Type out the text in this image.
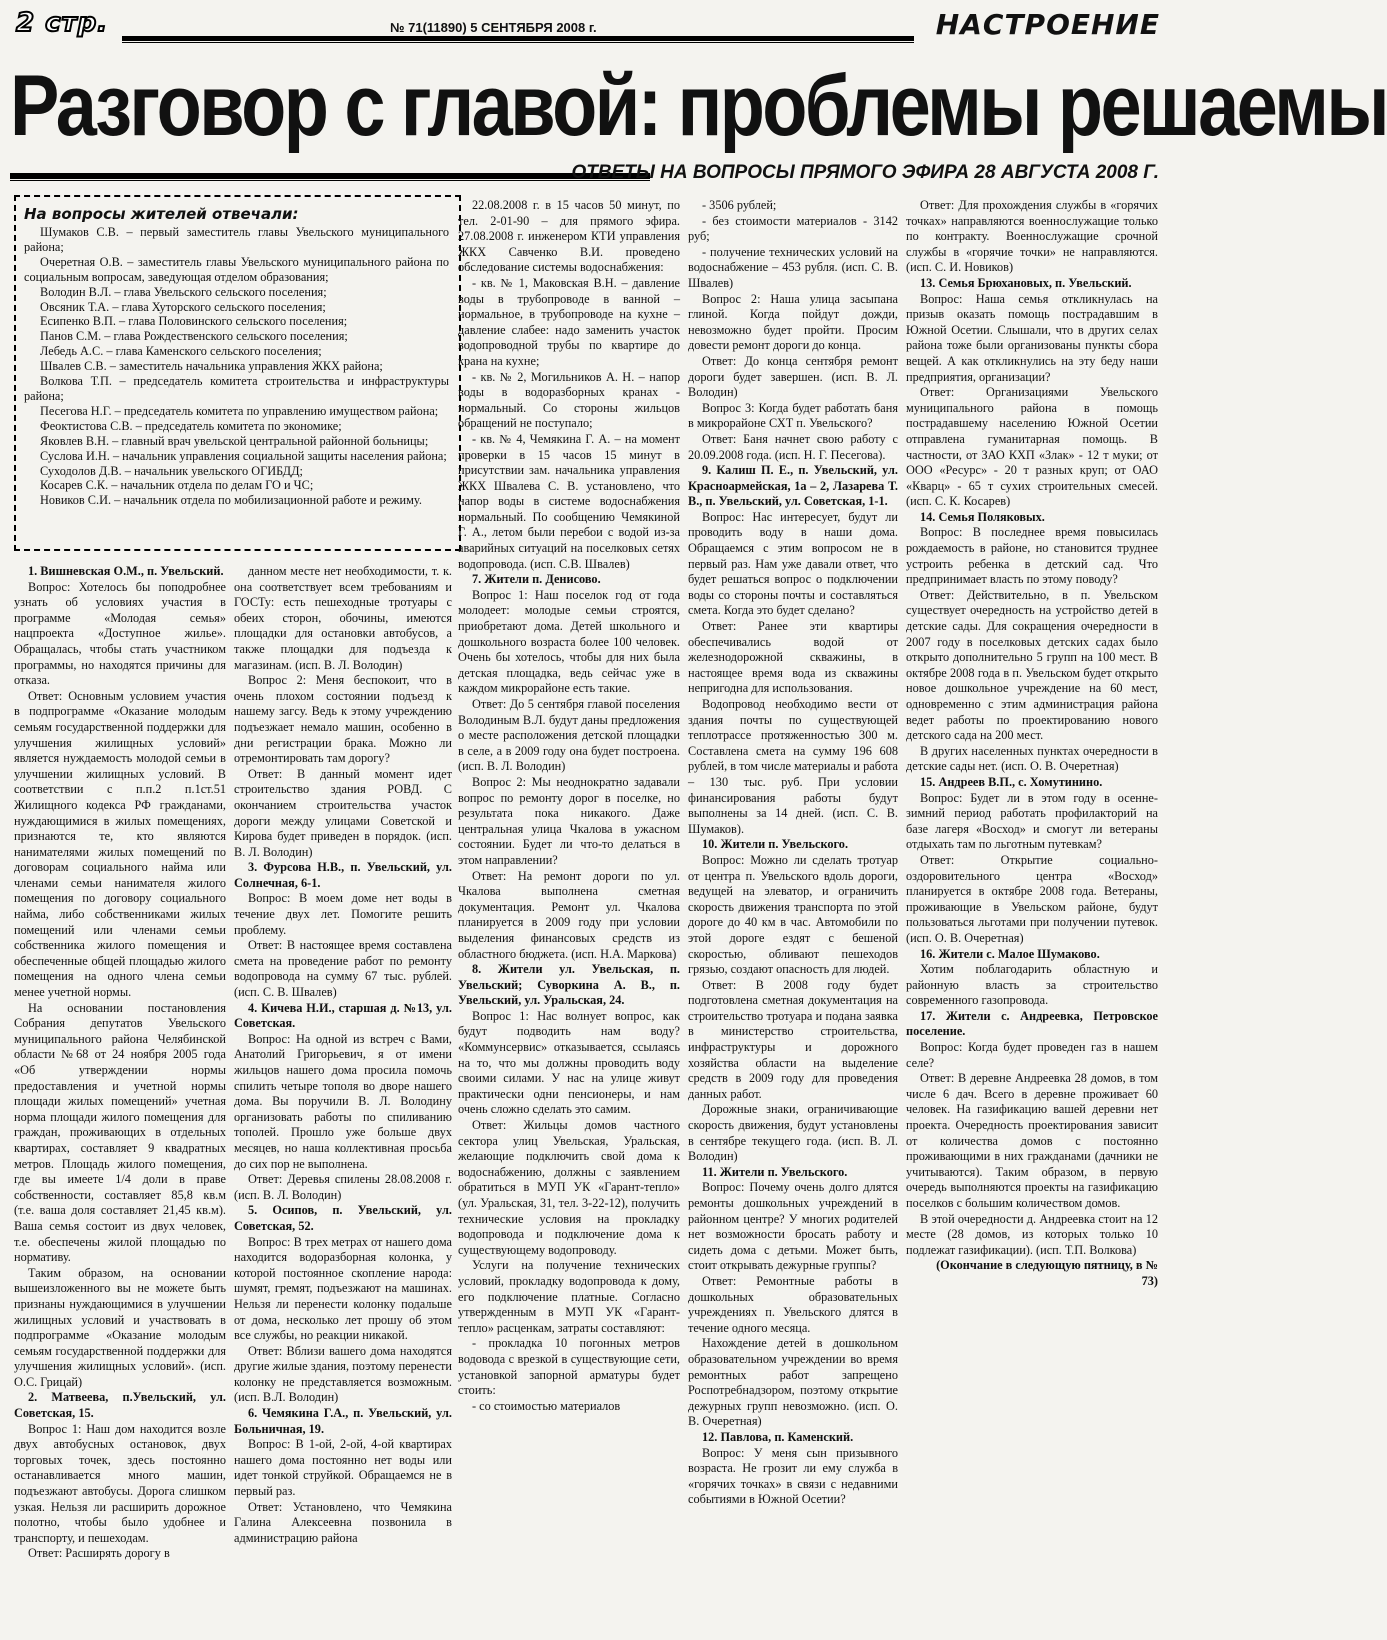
2 стр.	№ 71(11890) 5 СЕНТЯБРЯ 2008 г.	НАСТРОЕНИЕ
Разговор с главой: проблемы решаемы
ОТВЕТЫ НА ВОПРОСЫ ПРЯМОГО ЭФИРА 28 АВГУСТА 2008 Г.
На вопросы жителей отвечали:
Шумаков С.В. – первый заместитель главы Увельского муниципального района;
Очеретная О.В. – заместитель главы Увельского муниципального района по социальным вопросам, заведующая отделом образования;
Володин В.Л. – глава Увельского сельского поселения;
Овсяник Т.А. – глава Хуторского сельского поселения;
Есипенко В.П. – глава Половинского сельского поселения;
Панов С.М. – глава Рождественского сельского поселения;
Лебедь А.С. – глава Каменского сельского поселения;
Швалев С.В. – заместитель начальника управления ЖКХ района;
Волкова Т.П. – председатель комитета строительства и инфраструктуры района;
Песегова Н.Г. – председатель комитета по управлению имуществом района;
Феоктистова С.В. – председатель комитета по экономике;
Яковлев В.Н. – главный врач увельской центральной районной больницы;
Суслова И.Н. – начальник управления социальной защиты населения района;
Суходолов Д.В. – начальник увельского ОГИБДД;
Косарев С.К. – начальник отдела по делам ГО и ЧС;
Новиков С.И. – начальник отдела по мобилизационной работе и режиму.

1. Вишневская О.М., п. Увельский.

Вопрос: Хотелось бы поподробнее узнать об условиях участия в программе «Молодая семья» нацпроекта «Доступное жилье». Обращалась, чтобы стать участником программы, но находятся причины для отказа.

Ответ: Основным условием участия в подпрограмме «Оказание молодым семьям государственной поддержки для улучшения жилищных условий» является нуждаемость молодой семьи в улучшении жилищных условий. В соответствии с п.п.2 п.1ст.51 Жилищного кодекса РФ гражданами, нуждающимися в жилых помещениях, признаются те, кто являются нанимателями жилых помещений по договорам социального найма или членами семьи нанимателя жилого помещения по договору социального найма, либо собственниками жилых помещений или членами семьи собственника жилого помещения и обеспеченные общей площадью жилого помещения на одного члена семьи менее учетной нормы.

На основании постановления Собрания депутатов Увельского муниципального района Челябинской области №68 от 24 ноября 2005 года «Об утверждении нормы предоставления и учетной нормы площади жилых помещений» учетная норма площади жилого помещения для граждан, проживающих в отдельных квартирах, составляет 9 квадратных метров. Площадь жилого помещения, где вы имеете 1/4 доли в праве собственности, составляет 85,8 кв.м (т.е. ваша доля составляет 21,45 кв.м). Ваша семья состоит из двух человек, т.е. обеспечены жилой площадью по нормативу.

Таким образом, на основании вышеизложенного вы не можете быть признаны нуждающимися в улучшении жилищных условий и участвовать в подпрограмме «Оказание молодым семьям государственной поддержки для улучшения жилищных условий». (исп. О.С. Грицай)

2. Матвеева, п.Увельский, ул. Советская, 15.

Вопрос 1: Наш дом находится возле двух автобусных остановок, двух торговых точек, здесь постоянно останавливается много машин, подъезжают автобусы. Дорога слишком узкая. Нельзя ли расширить дорожное полотно, чтобы было удобнее и транспорту, и пешеходам.

Ответ: Расширять дорогу в

данном месте нет необходимости, т. к. она соответствует всем требованиям и ГОСТу: есть пешеходные тротуары с обеих сторон, обочины, имеются площадки для остановки автобусов, а также площадки для подъезда к магазинам. (исп. В. Л. Володин)

Вопрос 2: Меня беспокоит, что в очень плохом состоянии подъезд к нашему загсу. Ведь к этому учреждению подъезжает немало машин, особенно в дни регистрации брака. Можно ли отремонтировать там дорогу?

Ответ: В данный момент идет строительство здания РОВД. С окончанием строительства участок дороги между улицами Советской и Кирова будет приведен в порядок. (исп. В. Л. Володин)

3. Фурсова Н.В., п. Увельский, ул. Солнечная, 6-1.

Вопрос: В моем доме нет воды в течение двух лет. Помогите решить проблему.

Ответ: В настоящее время составлена смета на проведение работ по ремонту водопровода на сумму 67 тыс. рублей. (исп. С. В. Швалев)

4. Кичева Н.И., старшая д. №13, ул. Советская.

Вопрос: На одной из встреч с Вами, Анатолий Григорьевич, я от имени жильцов нашего дома просила помочь спилить четыре тополя во дворе нашего дома. Вы поручили В. Л. Володину организовать работы по спиливанию тополей. Прошло уже больше двух месяцев, но наша коллективная просьба до сих пор не выполнена.

Ответ: Деревья спилены 28.08.2008 г. (исп. В. Л. Володин)

5. Осипов, п. Увельский, ул. Советская, 52.

Вопрос: В трех метрах от нашего дома находится водоразборная колонка, у которой постоянное скопление народа: шумят, гремят, подъезжают на машинах. Нельзя ли перенести колонку подальше от дома, несколько лет прошу об этом все службы, но реакции никакой.

Ответ: Вблизи вашего дома находятся другие жилые здания, поэтому перенести колонку не представляется возможным. (исп. В.Л. Володин)

6. Чемякина Г.А., п. Увельский, ул. Больничная, 19.

Вопрос: В 1-ой, 2-ой, 4-ой квартирах нашего дома постоянно нет воды или идет тонкой струйкой. Обращаемся не в первый раз.

Ответ: Установлено, что Чемякина Галина Алексеевна позвонила в администрацию района

22.08.2008 г. в 15 часов 50 минут, по тел. 2-01-90 – для прямого эфира. 27.08.2008 г. инженером КТИ управления ЖКХ Савченко В.И. проведено обследование системы водоснабжения:

- кв. № 1, Маковская В.Н. – давление воды в трубопроводе в ванной – нормальное, в трубопроводе на кухне – давление слабее: надо заменить участок водопроводной трубы по квартире до крана на кухне;

- кв. № 2, Могильников А. Н. – напор воды в водоразборных кранах - нормальный. Со стороны жильцов обращений не поступало;

- кв. № 4, Чемякина Г. А. – на момент проверки в 15 часов 15 минут в присутствии зам. начальника управления ЖКХ Швалева С. В. установлено, что напор воды в системе водоснабжения нормальный. По сообщению Чемякиной Г. А., летом были перебои с водой из-за аварийных ситуаций на поселковых сетях водопровода. (исп. С.В. Швалев)

7. Жители п. Денисово.

Вопрос 1: Наш поселок год от года молодеет: молодые семьи строятся, приобретают дома. Детей школьного и дошкольного возраста более 100 человек. Очень бы хотелось, чтобы для них была детская площадка, ведь сейчас уже в каждом микрорайоне есть такие.

Ответ: До 5 сентября главой поселения Володиным В.Л. будут даны предложения о месте расположения детской площадки в селе, а в 2009 году она будет построена. (исп. В. Л. Володин)

Вопрос 2: Мы неоднократно задавали вопрос по ремонту дорог в поселке, но результата пока никакого. Даже центральная улица Чкалова в ужасном состоянии. Будет ли что-то делаться в этом направлении?

Ответ: На ремонт дороги по ул. Чкалова выполнена сметная документация. Ремонт ул. Чкалова планируется в 2009 году при условии выделения финансовых средств из областного бюджета. (исп. Н.А. Маркова)

8. Жители ул. Увельская, п. Увельский; Суворкина А. В., п. Увельский, ул. Уральская, 24.

Вопрос 1: Нас волнует вопрос, как будут подводить нам воду? «Коммунсервис» отказывается, ссылаясь на то, что мы должны проводить воду своими силами. У нас на улице живут практически одни пенсионеры, и нам очень сложно сделать это самим.

Ответ: Жильцы домов частного сектора улиц Увельская, Уральская, желающие подключить свой дома к водоснабжению, должны с заявлением обратиться в МУП УК «Гарант-тепло» (ул. Уральская, 31, тел. 3-22-12), получить технические условия на прокладку водопровода и подключение дома к существующему водопроводу.

Услуги на получение технических условий, прокладку водопровода к дому, его подключение платные. Согласно утвержденным в МУП УК «Гарант-тепло» расценкам, затраты составляют:

- прокладка 10 погонных метров водовода с врезкой в существующие сети, установкой запорной арматуры будет стоить:

- со стоимостью материалов

- 3506 рублей;

- без стоимости материалов - 3142 руб;

- получение технических условий на водоснабжение – 453 рубля. (исп. С. В. Швалев)

Вопрос 2: Наша улица засыпана глиной. Когда пойдут дожди, невозможно будет пройти. Просим довести ремонт дороги до конца.

Ответ: До конца сентября ремонт дороги будет завершен. (исп. В. Л. Володин)

Вопрос 3: Когда будет работать баня в микрорайоне СХТ п. Увельского?

Ответ: Баня начнет свою работу с 20.09.2008 года. (исп. Н. Г. Песегова).

9. Калиш П. Е., п. Увельский, ул. Красноармейская, 1а – 2, Лазарева Т. В., п. Увельский, ул. Советская, 1-1.

Вопрос: Нас интересует, будут ли проводить воду в наши дома. Обращаемся с этим вопросом не в первый раз. Нам уже давали ответ, что будет решаться вопрос о подключении воды со стороны почты и составляться смета. Когда это будет сделано?

Ответ: Ранее эти квартиры обеспечивались водой от железнодорожной скважины, в настоящее время вода из скважины непригодна для использования.

Водопровод необходимо вести от здания почты по существующей теплотрассе протяженностью 300 м. Составлена смета на сумму 196 608 рублей, в том числе материалы и работа – 130 тыс. руб. При условии финансирования работы будут выполнены за 14 дней. (исп. С. В. Шумаков).

10. Жители п. Увельского.

Вопрос: Можно ли сделать тротуар от центра п. Увельского вдоль дороги, ведущей на элеватор, и ограничить скорость движения транспорта по этой дороге до 40 км в час. Автомобили по этой дороге ездят с бешеной скоростью, обливают пешеходов грязью, создают опасность для людей.

Ответ: В 2008 году будет подготовлена сметная документация на строительство тротуара и подана заявка в министерство строительства, инфраструктуры и дорожного хозяйства области на выделение средств в 2009 году для проведения данных работ.

Дорожные знаки, ограничивающие скорость движения, будут установлены в сентябре текущего года. (исп. В. Л. Володин)

11. Жители п. Увельского.

Вопрос: Почему очень долго длятся ремонты дошкольных учреждений в районном центре? У многих родителей нет возможности бросать работу и сидеть дома с детьми. Может быть, стоит открывать дежурные группы?

Ответ: Ремонтные работы в дошкольных образовательных учреждениях п. Увельского длятся в течение одного месяца.

Нахождение детей в дошкольном образовательном учреждении во время ремонтных работ запрещено Роспотребнадзором, поэтому открытие дежурных групп невозможно. (исп. О. В. Очеретная)

12. Павлова, п. Каменский.

Вопрос: У меня сын призывного возраста. Не грозит ли ему служба в «горячих точках» в связи с недавними событиями в Южной Осетии?

Ответ: Для прохождения службы в «горячих точках» направляются военнослужащие только по контракту. Военнослужащие срочной службы в «горячие точки» не направляются. (исп. С. И. Новиков)

13. Семья Брюхановых, п. Увельский.

Вопрос: Наша семья откликнулась на призыв оказать помощь пострадавшим в Южной Осетии. Слышали, что в других селах района тоже были организованы пункты сбора вещей. А как откликнулись на эту беду наши предприятия, организации?

Ответ: Организациями Увельского муниципального района в помощь пострадавшему населению Южной Осетии отправлена гуманитарная помощь. В частности, от ЗАО КХП «Злак» - 12 т муки; от ООО «Ресурс» - 20 т разных круп; от ОАО «Кварц» - 65 т сухих строительных смесей. (исп. С. К. Косарев)

14. Семья Поляковых.

Вопрос: В последнее время повысилась рождаемость в районе, но становится труднее устроить ребенка в детский сад. Что предпринимает власть по этому поводу?

Ответ: Действительно, в п. Увельском существует очередность на устройство детей в детские сады. Для сокращения очередности в 2007 году в поселковых детских садах было открыто дополнительно 5 групп на 100 мест. В октябре 2008 года в п. Увельском будет открыто новое дошкольное учреждение на 60 мест, одновременно с этим администрация района ведет работы по проектированию нового детского сада на 200 мест.

В других населенных пунктах очередности в детские сады нет. (исп. О. В. Очеретная)

15. Андреев В.П., с. Хомутинино.

Вопрос: Будет ли в этом году в осенне-зимний период работать профилакторий на базе лагеря «Восход» и смогут ли ветераны отдыхать там по льготным путевкам?

Ответ: Открытие социально-оздоровительного центра «Восход» планируется в октябре 2008 года. Ветераны, проживающие в Увельском районе, будут пользоваться льготами при получении путевок. (исп. О. В. Очеретная)

16. Жители с. Малое Шумаково.

Хотим поблагодарить областную и районную власть за строительство современного газопровода.

17. Жители с. Андреевка, Петровское поселение.

Вопрос: Когда будет проведен газ в нашем селе?

Ответ: В деревне Андреевка 28 домов, в том числе 6 дач. Всего в деревне проживает 60 человек. На газификацию вашей деревни нет проекта. Очередность проектирования зависит от количества домов с постоянно проживающими в них гражданами (дачники не учитываются). Таким образом, в первую очередь выполняются проекты на газификацию поселков с большим количеством домов.

В этой очередности д. Андреевка стоит на 12 месте (28 домов, из которых только 10 подлежат газификации). (исп. Т.П. Волкова)

(Окончание в следующую пятницу, в № 73)
